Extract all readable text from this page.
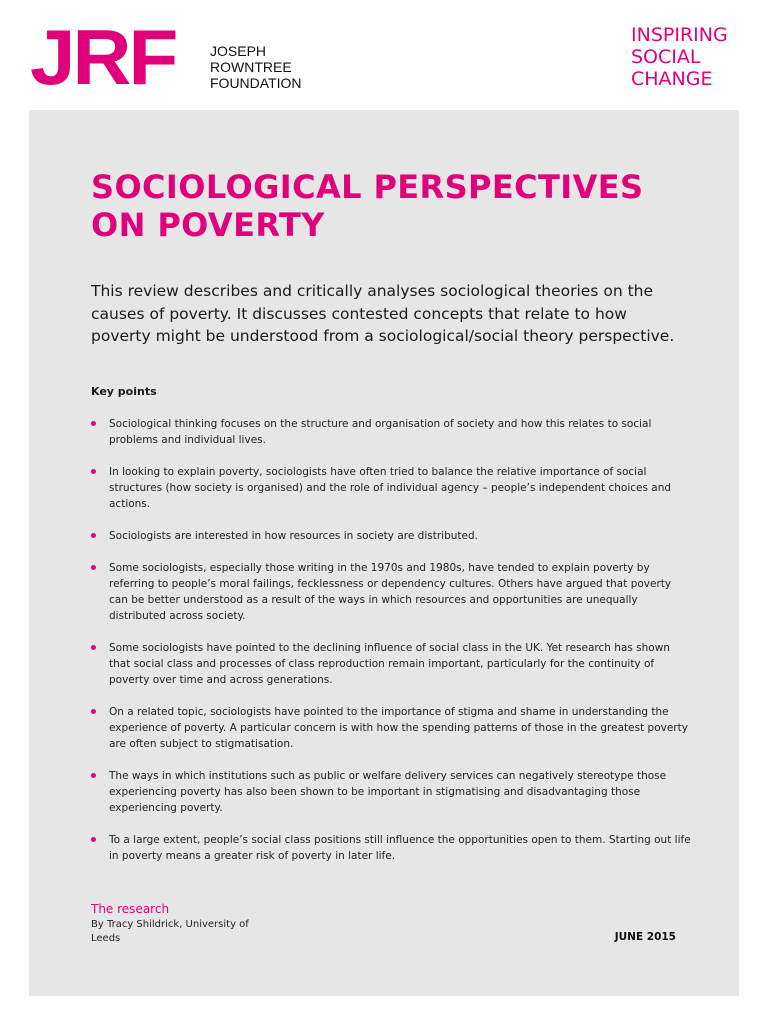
JRF JOSEPH
ROWNTREE
FOUNDATION
INSPIRING
SOCIAL
CHANGE
SOCIOLOGICAL PERSPECTIVES
ON POVERTY

This review describes and critically analyses sociological theories on the causes of poverty. It discusses contested concepts that relate to how poverty might be understood from a sociological/social theory perspective.

Key points
Sociological thinking focuses on the structure and organisation of society and how this relates to social problems and individual lives.
In looking to explain poverty, sociologists have often tried to balance the relative importance of social structures (how society is organised) and the role of individual agency – people’s independent choices and actions.
Sociologists are interested in how resources in society are distributed.
Some sociologists, especially those writing in the 1970s and 1980s, have tended to explain poverty by referring to people’s moral failings, fecklessness or dependency cultures. Others have argued that poverty can be better understood as a result of the ways in which resources and opportunities are unequally distributed across society.
Some sociologists have pointed to the declining influence of social class in the UK. Yet research has shown that social class and processes of class reproduction remain important, particularly for the continuity of poverty over time and across generations.
On a related topic, sociologists have pointed to the importance of stigma and shame in understanding the experience of poverty. A particular concern is with how the spending patterns of those in the greatest poverty are often subject to stigmatisation.
The ways in which institutions such as public or welfare delivery services can negatively stereotype those experiencing poverty has also been shown to be important in stigmatising and disadvantaging those experiencing poverty.
To a large extent, people’s social class positions still influence the opportunities open to them. Starting out life in poverty means a greater risk of poverty in later life.
The research
By Tracy Shildrick, University of Leeds	JUNE 2015
